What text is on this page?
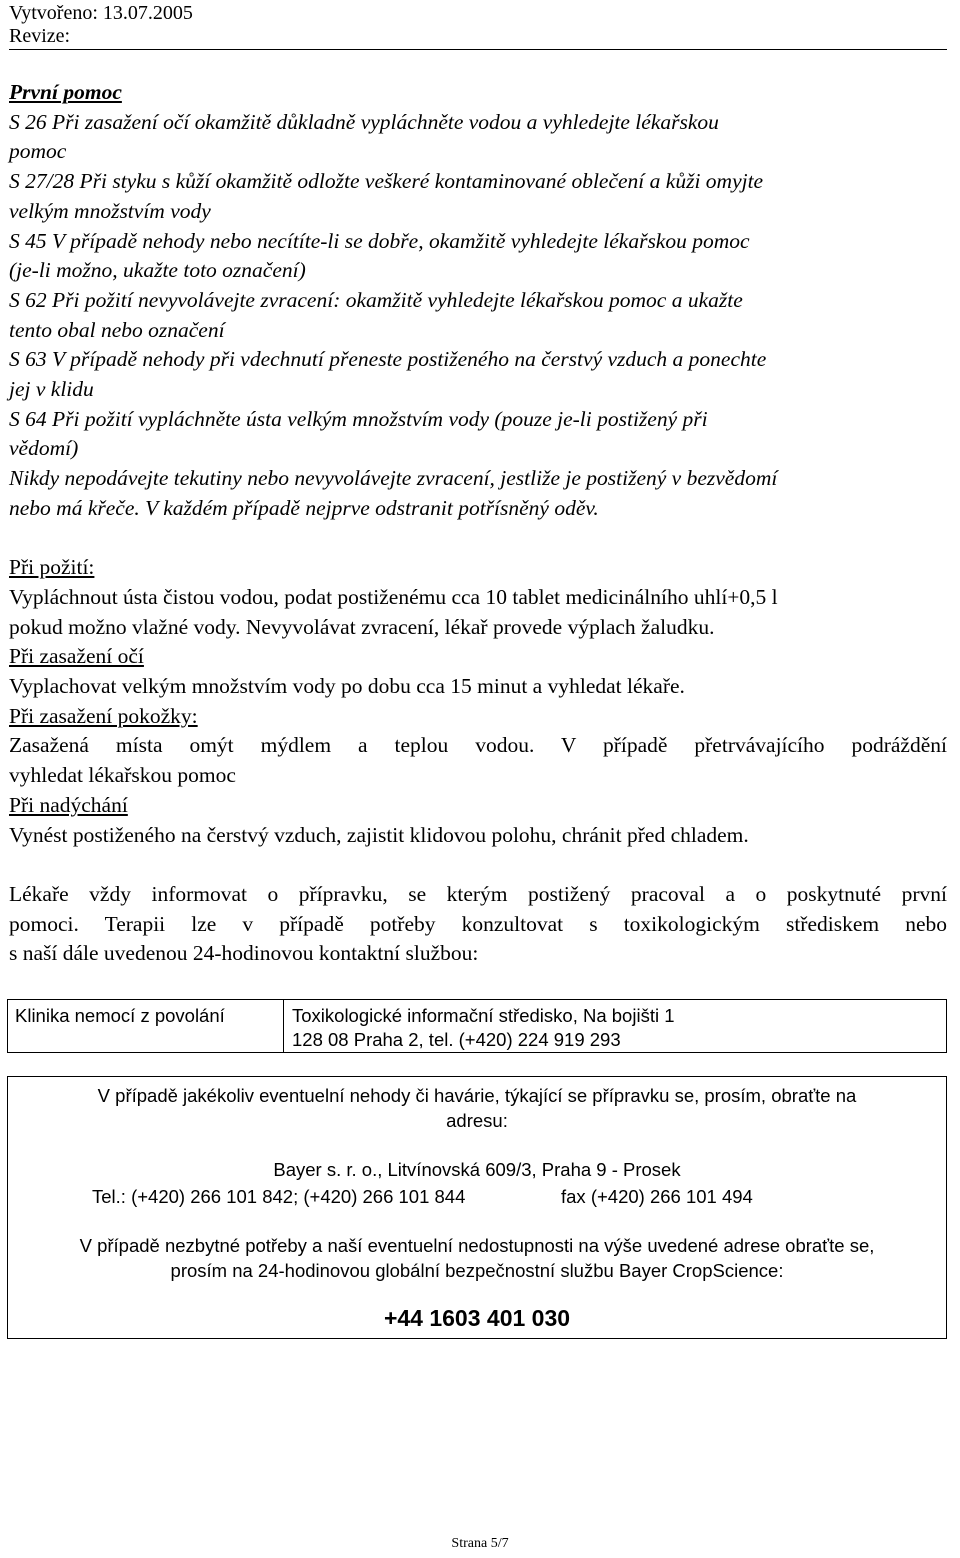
Vytvořeno: 13.07.2005
Revize:
První pomoc
S 26 Při zasažení očí okamžitě důkladně vypláchněte vodou a vyhledejte lékařskou
pomoc
S 27/28 Při styku s kůží okamžitě odložte veškeré kontaminované oblečení a kůži omyjte
velkým množstvím vody
S 45 V případě nehody nebo necítíte-li se dobře, okamžitě vyhledejte lékařskou pomoc
(je-li možno, ukažte toto označení)
S 62 Při požití nevyvolávejte zvracení: okamžitě vyhledejte lékařskou pomoc a ukažte
tento obal nebo označení
S 63 V případě nehody při vdechnutí přeneste postiženého na čerstvý vzduch a ponechte
jej v klidu
S 64 Při požití vypláchněte ústa velkým množstvím vody (pouze je-li postižený při
vědomí)
Nikdy nepodávejte tekutiny nebo nevyvolávejte zvracení, jestliže je postižený v bezvědomí
nebo má křeče. V každém případě nejprve odstranit potřísněný oděv.
Při požití:
Vypláchnout ústa čistou vodou, podat postiženému cca 10 tablet medicinálního uhlí+0,5 l
pokud možno vlažné vody. Nevyvolávat zvracení, lékař provede výplach žaludku.
Při zasažení očí
Vyplachovat velkým množstvím vody po dobu cca 15 minut a vyhledat lékaře.
Při zasažení pokožky:
Zasažená místa omýt mýdlem a teplou vodou. V případě přetrvávajícího podráždění
vyhledat lékařskou pomoc
Při nadýchání
Vynést postiženého na čerstvý vzduch, zajistit klidovou polohu, chránit před chladem.
Lékaře vždy informovat o přípravku, se kterým postižený pracoval a o poskytnuté první
pomoci. Terapii lze v případě potřeby konzultovat s toxikologickým střediskem nebo
s naší dále uvedenou 24-hodinovou kontaktní službou:
Klinika nemocí z povolání	Toxikologické informační středisko, Na bojišti 1
128 08 Praha 2, tel. (+420) 224 919 293
V případě jakékoliv eventuelní nehody či havárie, týkající se přípravku se, prosím, obraťte na
adresu:
Bayer s. r. o., Litvínovská 609/3, Praha 9 - Prosek
Tel.: (+420) 266 101 842; (+420) 266 101 844	fax (+420) 266 101 494
V případě nezbytné potřeby a naší eventuelní nedostupnosti na výše uvedené adrese obraťte se,
prosím na 24-hodinovou globální bezpečnostní službu Bayer CropScience:
+44 1603 401 030
Strana 5/7
